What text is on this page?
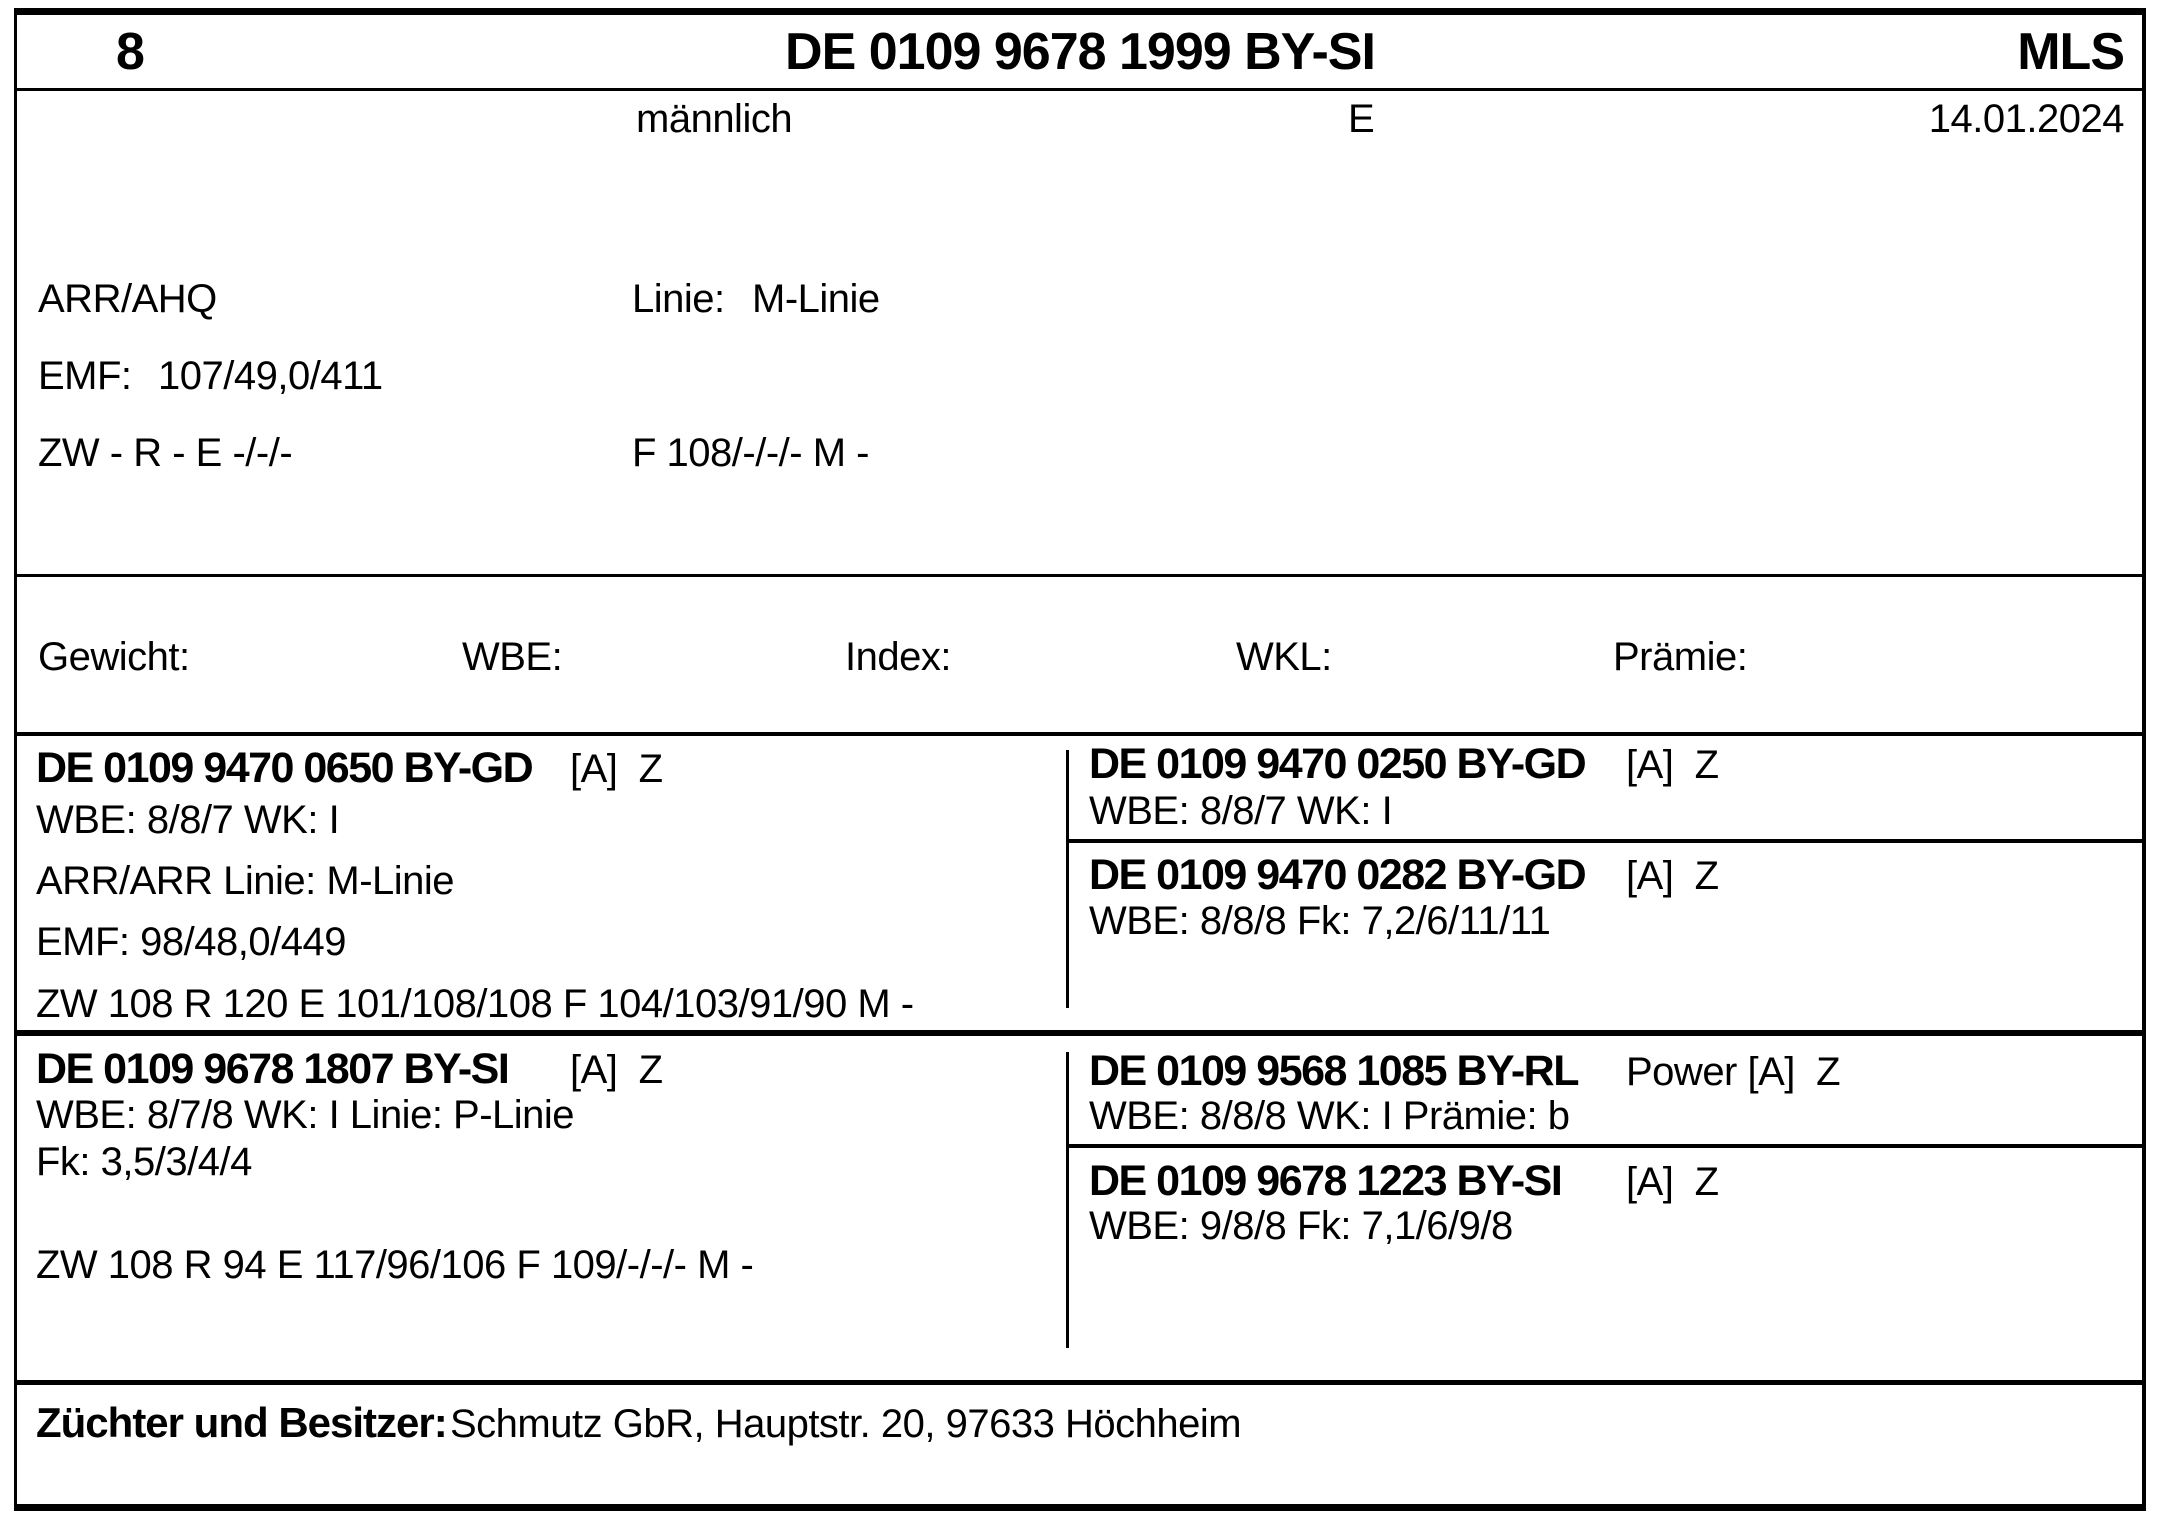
8	DE 0109 9678 1999 BY-SI	MLS
männlich	E	14.01.2024
ARR/AHQ	Linie: M-Linie
EMF: 107/49,0/411
ZW - R - E -/-/-	F 108/-/-/- M -
Gewicht:	WBE:	Index:	WKL:	Prämie:
DE 0109 9470 0650 BY-GD [A]  Z
WBE: 8/8/7 WK: I
ARR/ARR Linie: M-Linie
EMF: 98/48,0/449
ZW 108 R 120 E 101/108/108 F 104/103/91/90 M -
DE 0109 9470 0250 BY-GD [A]  Z
WBE: 8/8/7 WK: I
DE 0109 9470 0282 BY-GD [A]  Z
WBE: 8/8/8 Fk: 7,2/6/11/11
DE 0109 9678 1807 BY-SI [A]  Z
WBE: 8/7/8 WK: I Linie: P-Linie
Fk: 3,5/3/4/4
ZW 108 R 94 E 117/96/106 F 109/-/-/- M -
DE 0109 9568 1085 BY-RL Power [A]  Z
WBE: 8/8/8 WK: I Prämie: b
DE 0109 9678 1223 BY-SI [A]  Z
WBE: 9/8/8 Fk: 7,1/6/9/8
Züchter und Besitzer: Schmutz GbR, Hauptstr. 20, 97633 Höchheim
